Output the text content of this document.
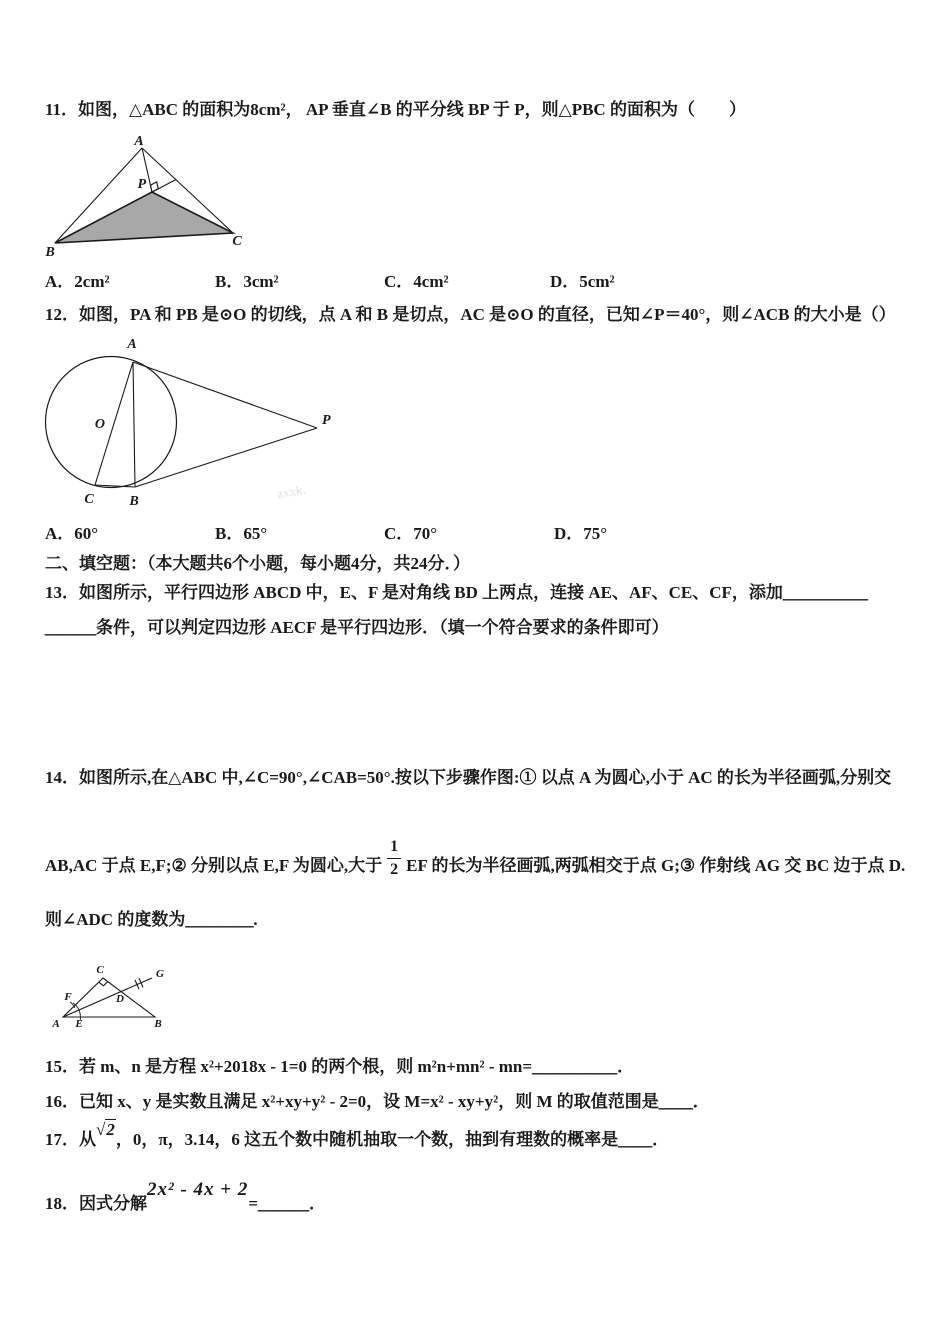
11．如图，△ABC 的面积为8cm²， AP 垂直∠B 的平分线 BP 于 P，则△PBC 的面积为（　　）
A
B
C
P
A．2cm²	B．3cm²	C．4cm²	D．5cm²
12．如图，PA 和 PB 是⊙O 的切线，点 A 和 B 是切点，AC 是⊙O 的直径，已知∠P＝40°，则∠ACB 的大小是（）
A
O
C	B
P
zxxk.
A．60°	B．65°	C．70°	D．75°
二、填空题：（本大题共6个小题，每小题4分，共24分．）
13．如图所示，平行四边形 ABCD 中，E、F 是对角线 BD 上两点，连接 AE、AF、CE、CF，添加＿＿＿＿＿
＿＿＿条件，可以判定四边形 AECF 是平行四边形．（填一个符合要求的条件即可）
14．如图所示,在△ABC 中,∠C=90°,∠CAB=50°.按以下步骤作图:① 以点 A 为圆心,小于 AC 的长为半径画弧,分别交
AB,AC 于点 E,F;② 分别以点 E,F 为圆心,大于 $\frac{1}{2}$ EF 的长为半径画弧,两弧相交于点 G;③ 作射线 AG 交 BC 边于点 D.
则∠ADC 的度数为＿＿＿＿.
A E	B
C	G
D
F
15．若 m、n 是方程 x²+2018x - 1=0 的两个根，则 m²n+mn² - mn=＿＿＿＿＿．
16．已知 x、y 是实数且满足 x²+xy+y² - 2=0，设 M=x² - xy+y²，则 M 的取值范围是＿＿．
17．从√2，0，π，3.14，6 这五个数中随机抽取一个数，抽到有理数的概率是＿＿．
18．因式分解2x² - 4x + 2=＿＿＿．
